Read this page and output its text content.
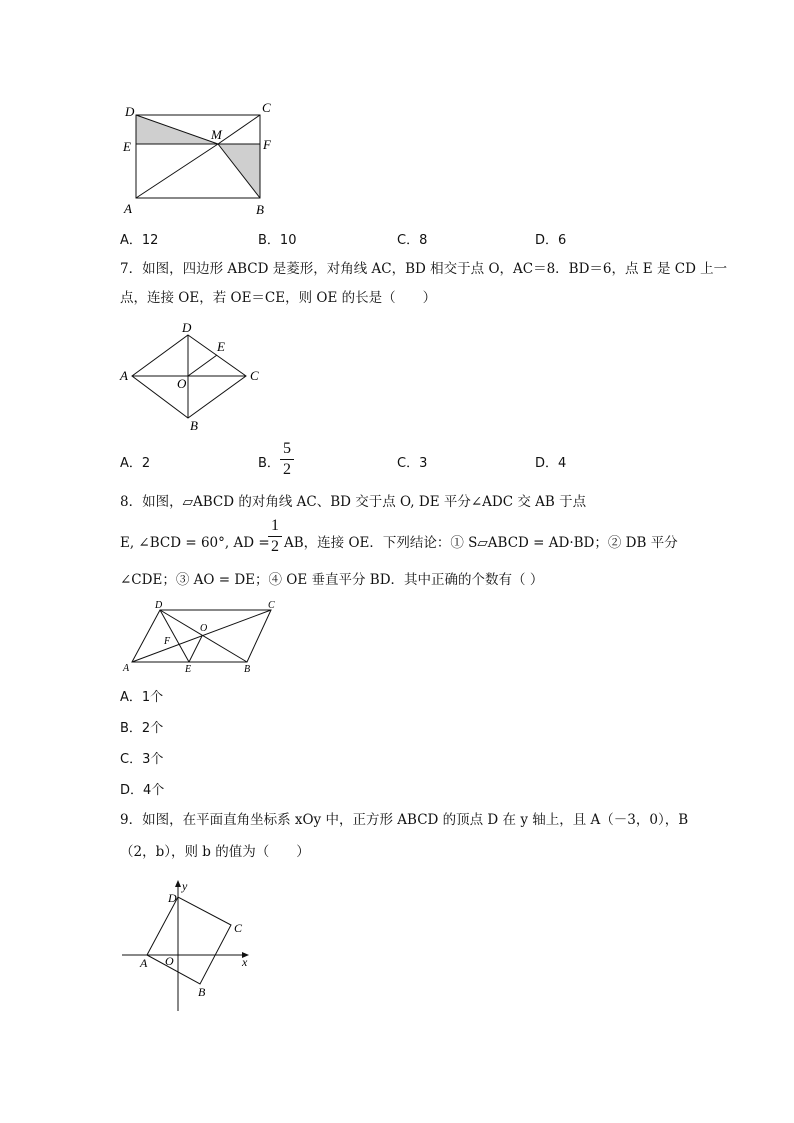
D	C
M
E	F
A	B
A．12	B．10	C．8	D．6
7．如图，四边形 ABCD 是菱形，对角线 AC，BD 相交于点 O，AC＝8．BD＝6，点 E 是 CD 上一
点，连接 OE，若 OE＝CE，则 OE 的长是（　　）
D
E
A
O
C
B
A．2	B．
5
2	C．3	D．4
8．如图，▱ABCD 的对角线 AC、BD 交于点 O, DE 平分∠ADC 交 AB 于点
E, ∠BCD = 60°, AD =
1
2 AB，连接 OE．下列结论：① S▱ABCD = AD·BD；② DB 平分
∠CDE；③ AO = DE；④ OE 垂直平分 BD．其中正确的个数有（ ）
D	C
O
F
A	E	B
A．1个
B．2个
C．3个
D．4个
9．如图，在平面直角坐标系 xOy 中，正方形 ABCD 的顶点 D 在 y 轴上，且 A（－3，0），B
（2，b），则 b 的值为（　　）
y
D
C
A O	x
B
